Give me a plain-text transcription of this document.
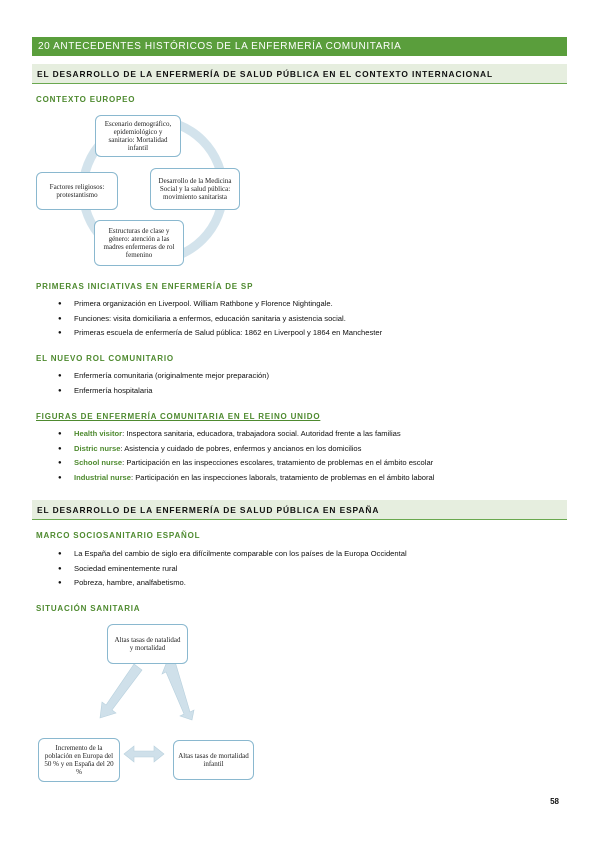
20 ANTECEDENTES HISTÓRICOS DE LA ENFERMERÍA COMUNITARIA
EL DESARROLLO DE LA ENFERMERÍA DE SALUD PÚBLICA EN EL CONTEXTO INTERNACIONAL
CONTEXTO EUROPEO
Escenario demográfico, epidemiológico y sanitario: Mortalidad infantil
Desarrollo de la Medicina Social y la salud pública: movimiento sanitarista
Estructuras de clase y género: atención a las madres enfermeras de rol femenino
Factores religiosos: protestantismo
PRIMERAS INICIATIVAS EN ENFERMERÍA DE SP
● Primera organización en Liverpool. William Rathbone y Florence Nightingale.
● Funciones: visita domiciliaria a enfermos, educación sanitaria y asistencia social.
● Primeras escuela de enfermería de Salud pública: 1862 en Liverpool y 1864 en Manchester
EL NUEVO ROL COMUNITARIO
● Enfermería comunitaria (originalmente mejor preparación)
● Enfermería hospitalaria
FIGURAS DE ENFERMERÍA COMUNITARIA EN EL REINO UNIDO
● Health visitor: Inspectora sanitaria, educadora, trabajadora social. Autoridad frente a las familias
● Distric nurse: Asistencia y cuidado de pobres, enfermos y ancianos en los domicilios
● School nurse: Participación en las inspecciones escolares, tratamiento de problemas en el ámbito escolar
● Industrial nurse: Participación en las inspecciones laborals, tratamiento de problemas en el ámbito laboral
EL DESARROLLO DE LA ENFERMERÍA DE SALUD PÚBLICA EN ESPAÑA
MARCO SOCIOSANITARIO ESPAÑOL
● La España del cambio de siglo era difícilmente comparable con los países de la Europa Occidental
● Sociedad eminentemente rural
● Pobreza, hambre, analfabetismo.
SITUACIÓN SANITARIA
Altas tasas de natalidad y mortalidad
Altas tasas de mortalidad infantil
Incremento de la población en Europa del 50 % y en España del 20 %
58
